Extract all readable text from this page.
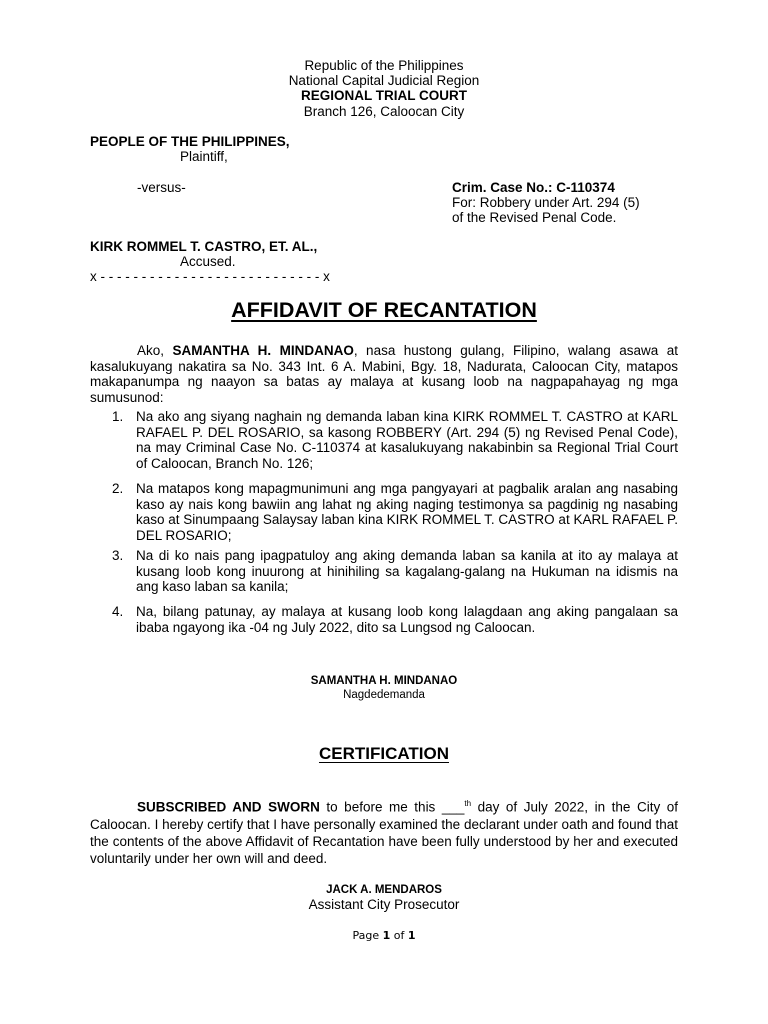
Republic of the Philippines
National Capital Judicial Region
REGIONAL TRIAL COURT
Branch 126, Caloocan City
PEOPLE OF THE PHILIPPINES,
Plaintiff,
-versus-	Crim. Case No.: C-110374
For: Robbery under Art. 294 (5)
of the Revised Penal Code.
KIRK ROMMEL T. CASTRO, ET. AL.,
Accused.
x - - - - - - - - - - - - - - - - - - - - - - - - - - - x
AFFIDAVIT OF RECANTATION
Ako, SAMANTHA H. MINDANAO, nasa hustong gulang, Filipino, walang asawa at kasalukuyang nakatira sa No. 343 Int. 6 A. Mabini, Bgy. 18, Nadurata, Caloocan City, matapos makapanumpa ng naayon sa batas ay malaya at kusang loob na nagpapahayag ng mga sumusunod:
1. Na ako ang siyang naghain ng demanda laban kina KIRK ROMMEL T. CASTRO at KARL RAFAEL P. DEL ROSARIO, sa kasong ROBBERY (Art. 294 (5) ng Revised Penal Code), na may Criminal Case No. C-110374 at kasalukuyang nakabinbin sa Regional Trial Court of Caloocan, Branch No. 126;
2. Na matapos kong mapagmunimuni ang mga pangyayari at pagbalik aralan ang nasabing kaso ay nais kong bawiin ang lahat ng aking naging testimonya sa pagdinig ng nasabing kaso at Sinumpaang Salaysay laban kina KIRK ROMMEL T. CASTRO at KARL RAFAEL P. DEL ROSARIO;
3. Na di ko nais pang ipagpatuloy ang aking demanda laban sa kanila at ito ay malaya at kusang loob kong inuurong at hinihiling sa kagalang-galang na Hukuman na idismis na ang kaso laban sa kanila;
4. Na, bilang patunay, ay malaya at kusang loob kong lalagdaan ang aking pangalaan sa ibaba ngayong ika -04 ng July 2022, dito sa Lungsod ng Caloocan.
SAMANTHA H. MINDANAO
Nagdedemanda
CERTIFICATION
SUBSCRIBED AND SWORN to before me this ___$^{th}$ day of July 2022, in the City of Caloocan. I hereby certify that I have personally examined the declarant under oath and found that the contents of the above Affidavit of Recantation have been fully understood by her and executed voluntarily under her own will and deed.
JACK A. MENDAROS
Assistant City Prosecutor
Page 1 of 1
